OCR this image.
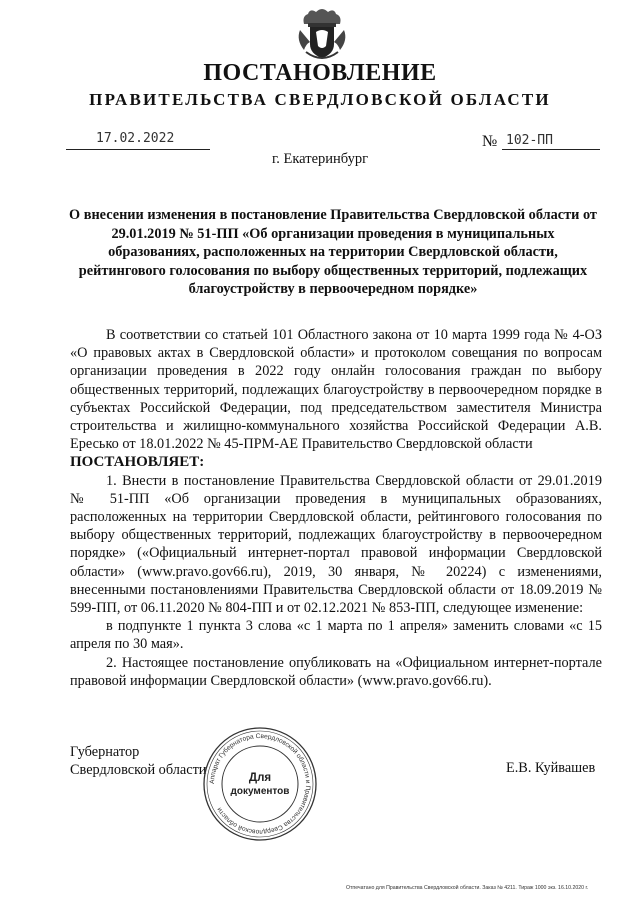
ПОСТАНОВЛЕНИЕ
ПРАВИТЕЛЬСТВА СВЕРДЛОВСКОЙ ОБЛАСТИ
17.02.2022	№ 102-ПП
г. Екатеринбург
О внесении изменения в постановление Правительства Свердловской области от 29.01.2019 № 51-ПП «Об организации проведения в муниципальных образованиях, расположенных на территории Свердловской области, рейтингового голосования по выбору общественных территорий, подлежащих благоустройству в первоочередном порядке»

В соответствии со статьей 101 Областного закона от 10 марта 1999 года № 4-ОЗ «О правовых актах в Свердловской области» и протоколом совещания по вопросам организации проведения в 2022 году онлайн голосования граждан по выбору общественных территорий, подлежащих благоустройству в первоочередном порядке в субъектах Российской Федерации, под председательством заместителя Министра строительства и жилищно-коммунального хозяйства Российской Федерации А.В. Ересько от 18.01.2022 № 45-ПРМ-АЕ Правительство Свердловской области

ПОСТАНОВЛЯЕТ:

1. Внести в постановление Правительства Свердловской области от 29.01.2019 № 51-ПП «Об организации проведения в муниципальных образованиях, расположенных на территории Свердловской области, рейтингового голосования по выбору общественных территорий, подлежащих благоустройству в первоочередном порядке» («Официальный интернет-портал правовой информации Свердловской области» (www.pravo.gov66.ru), 2019, 30 января, № 20224) с изменениями, внесенными постановлениями Правительства Свердловской области от 18.09.2019 № 599-ПП, от 06.11.2020 № 804-ПП и от 02.12.2021 № 853-ПП, следующее изменение:

в подпункте 1 пункта 3 слова «с 1 марта по 1 апреля» заменить словами «с 15 апреля по 30 мая».

2. Настоящее постановление опубликовать на «Официальном интернет-портале правовой информации Свердловской области» (www.pravo.gov66.ru).

Губернатор
Свердловской области	Е.В. Куйвашев
Аппарат Губернатора Свердловской области и Правительства Свердловской области
Для
документов
Отпечатано для Правительства Свердловской области. Заказ № 4211. Тираж 1000 экз. 16.10.2020 г.
